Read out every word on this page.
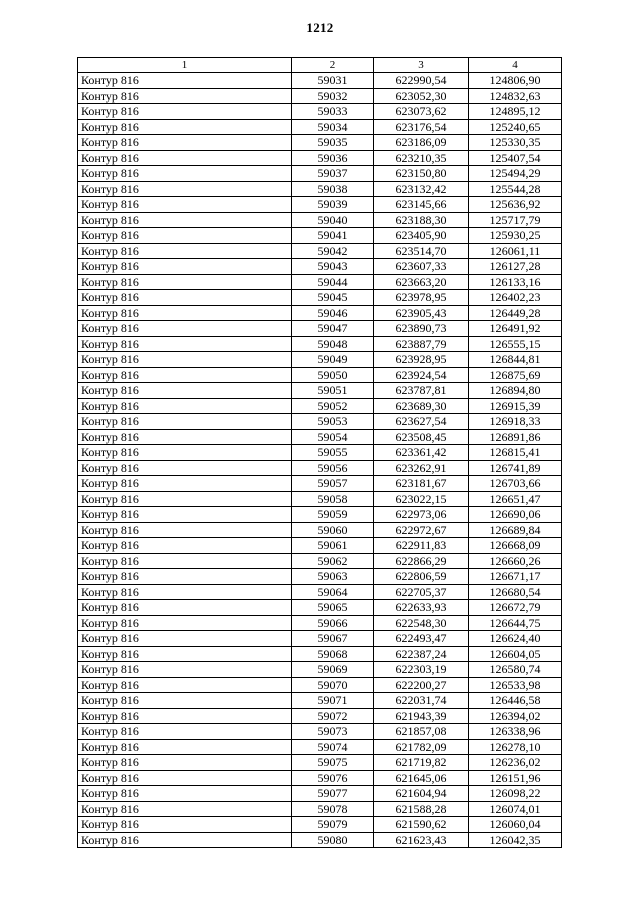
1212
1	2	3	4
Контур 816	59031	622990,54	124806,90
Контур 816	59032	623052,30	124832,63
Контур 816	59033	623073,62	124895,12
Контур 816	59034	623176,54	125240,65
Контур 816	59035	623186,09	125330,35
Контур 816	59036	623210,35	125407,54
Контур 816	59037	623150,80	125494,29
Контур 816	59038	623132,42	125544,28
Контур 816	59039	623145,66	125636,92
Контур 816	59040	623188,30	125717,79
Контур 816	59041	623405,90	125930,25
Контур 816	59042	623514,70	126061,11
Контур 816	59043	623607,33	126127,28
Контур 816	59044	623663,20	126133,16
Контур 816	59045	623978,95	126402,23
Контур 816	59046	623905,43	126449,28
Контур 816	59047	623890,73	126491,92
Контур 816	59048	623887,79	126555,15
Контур 816	59049	623928,95	126844,81
Контур 816	59050	623924,54	126875,69
Контур 816	59051	623787,81	126894,80
Контур 816	59052	623689,30	126915,39
Контур 816	59053	623627,54	126918,33
Контур 816	59054	623508,45	126891,86
Контур 816	59055	623361,42	126815,41
Контур 816	59056	623262,91	126741,89
Контур 816	59057	623181,67	126703,66
Контур 816	59058	623022,15	126651,47
Контур 816	59059	622973,06	126690,06
Контур 816	59060	622972,67	126689,84
Контур 816	59061	622911,83	126668,09
Контур 816	59062	622866,29	126660,26
Контур 816	59063	622806,59	126671,17
Контур 816	59064	622705,37	126680,54
Контур 816	59065	622633,93	126672,79
Контур 816	59066	622548,30	126644,75
Контур 816	59067	622493,47	126624,40
Контур 816	59068	622387,24	126604,05
Контур 816	59069	622303,19	126580,74
Контур 816	59070	622200,27	126533,98
Контур 816	59071	622031,74	126446,58
Контур 816	59072	621943,39	126394,02
Контур 816	59073	621857,08	126338,96
Контур 816	59074	621782,09	126278,10
Контур 816	59075	621719,82	126236,02
Контур 816	59076	621645,06	126151,96
Контур 816	59077	621604,94	126098,22
Контур 816	59078	621588,28	126074,01
Контур 816	59079	621590,62	126060,04
Контур 816	59080	621623,43	126042,35
